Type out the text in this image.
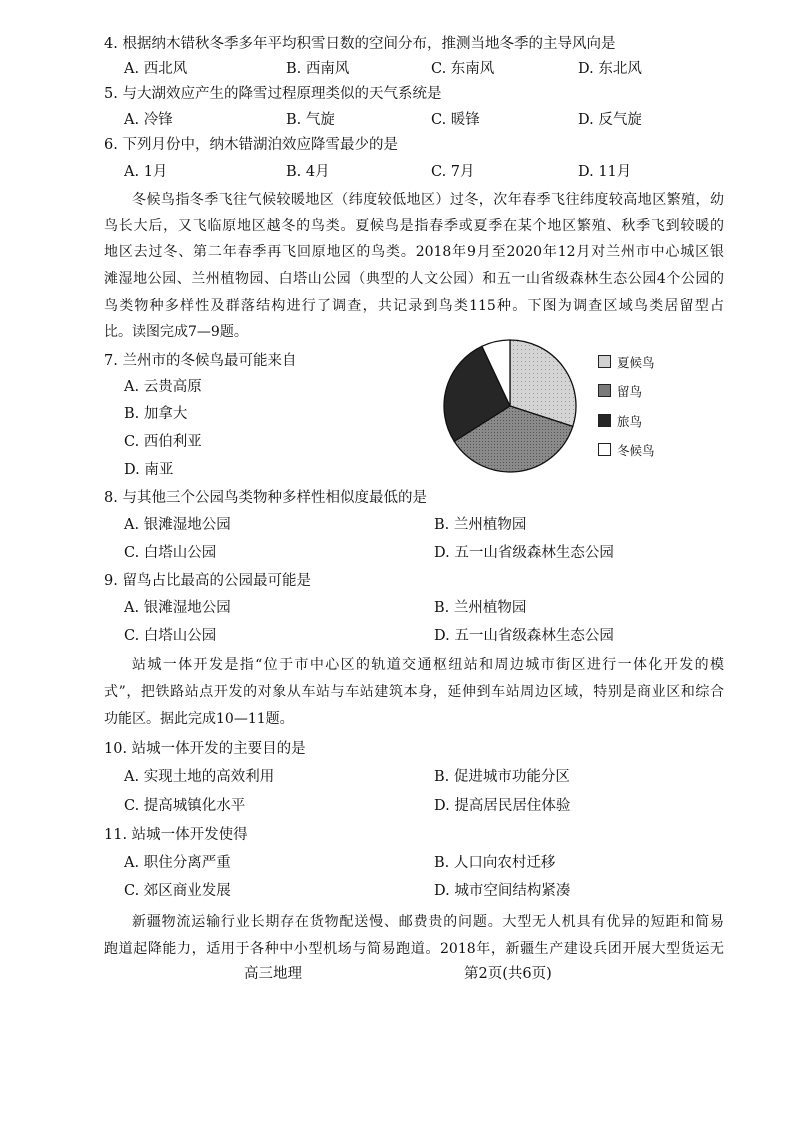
4. 根据纳木错秋冬季多年平均积雪日数的空间分布，推测当地冬季的主导风向是
A. 西北风	B. 西南风	C. 东南风	D. 东北风
5. 与大湖效应产生的降雪过程原理类似的天气系统是
A. 冷锋	B. 气旋	C. 暖锋	D. 反气旋
6. 下列月份中，纳木错湖泊效应降雪最少的是
A. 1月	B. 4月	C. 7月	D. 11月
冬候鸟指冬季飞往气候较暖地区（纬度较低地区）过冬，次年春季飞往纬度较高地区繁殖，幼
鸟长大后，又飞临原地区越冬的鸟类。夏候鸟是指春季或夏季在某个地区繁殖、秋季飞到较暖的
地区去过冬、第二年春季再飞回原地区的鸟类。2018年9月至2020年12月对兰州市中心城区银
滩湿地公园、兰州植物园、白塔山公园（典型的人文公园）和五一山省级森林生态公园4个公园的
鸟类物种多样性及群落结构进行了调查，共记录到鸟类115种。下图为调查区域鸟类居留型占
比。读图完成7—9题。
7. 兰州市的冬候鸟最可能来自
A. 云贵高原
B. 加拿大
C. 西伯利亚
D. 南亚
夏候鸟
留鸟
旅鸟
冬候鸟
8. 与其他三个公园鸟类物种多样性相似度最低的是
A. 银滩湿地公园	B. 兰州植物园
C. 白塔山公园	D. 五一山省级森林生态公园
9. 留鸟占比最高的公园最可能是
A. 银滩湿地公园	B. 兰州植物园
C. 白塔山公园	D. 五一山省级森林生态公园
站城一体开发是指“位于市中心区的轨道交通枢纽站和周边城市街区进行一体化开发的模
式”，把铁路站点开发的对象从车站与车站建筑本身，延伸到车站周边区域，特别是商业区和综合
功能区。据此完成10—11题。
10. 站城一体开发的主要目的是
A. 实现土地的高效利用	B. 促进城市功能分区
C. 提高城镇化水平	D. 提高居民居住体验
11. 站城一体开发使得
A. 职住分离严重	B. 人口向农村迁移
C. 郊区商业发展	D. 城市空间结构紧凑
新疆物流运输行业长期存在货物配送慢、邮费贵的问题。大型无人机具有优异的短距和简易
跑道起降能力，适用于各种中小型机场与简易跑道。2018年，新疆生产建设兵团开展大型货运无
高三地理	第2页(共6页)
